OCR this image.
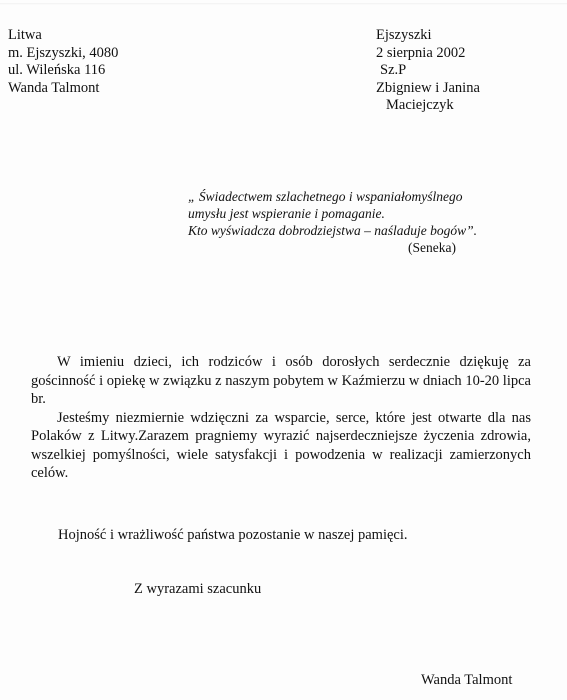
Litwa
m. Ejszyszki, 4080
ul. Wileńska 116
Wanda Talmont
Ejszyszki
2 sierpnia 2002
Sz.P
Zbigniew i Janina
Maciejczyk
„ Świadectwem szlachetnego i wspaniałomyślnego
umysłu jest wspieranie i pomaganie.
Kto wyświadcza dobrodziejstwa – naśladuje bogów”.
(Seneka)

W imieniu dzieci, ich rodziców i osób dorosłych serdecznie dziękuję za gościnność i opiekę w związku z naszym pobytem w Kaźmierzu w dniach 10-20 lipca br.

Jesteśmy niezmiernie wdzięczni za wsparcie, serce, które jest otwarte dla nas Polaków z Litwy.Zarazem pragniemy wyrazić najserdeczniejsze życzenia zdrowia, wszelkiej pomyślności, wiele satysfakcji i powodzenia w realizacji zamierzonych celów.

Hojność i wrażliwość państwa pozostanie w naszej pamięci.
Z wyrazami szacunku
Wanda Talmont
